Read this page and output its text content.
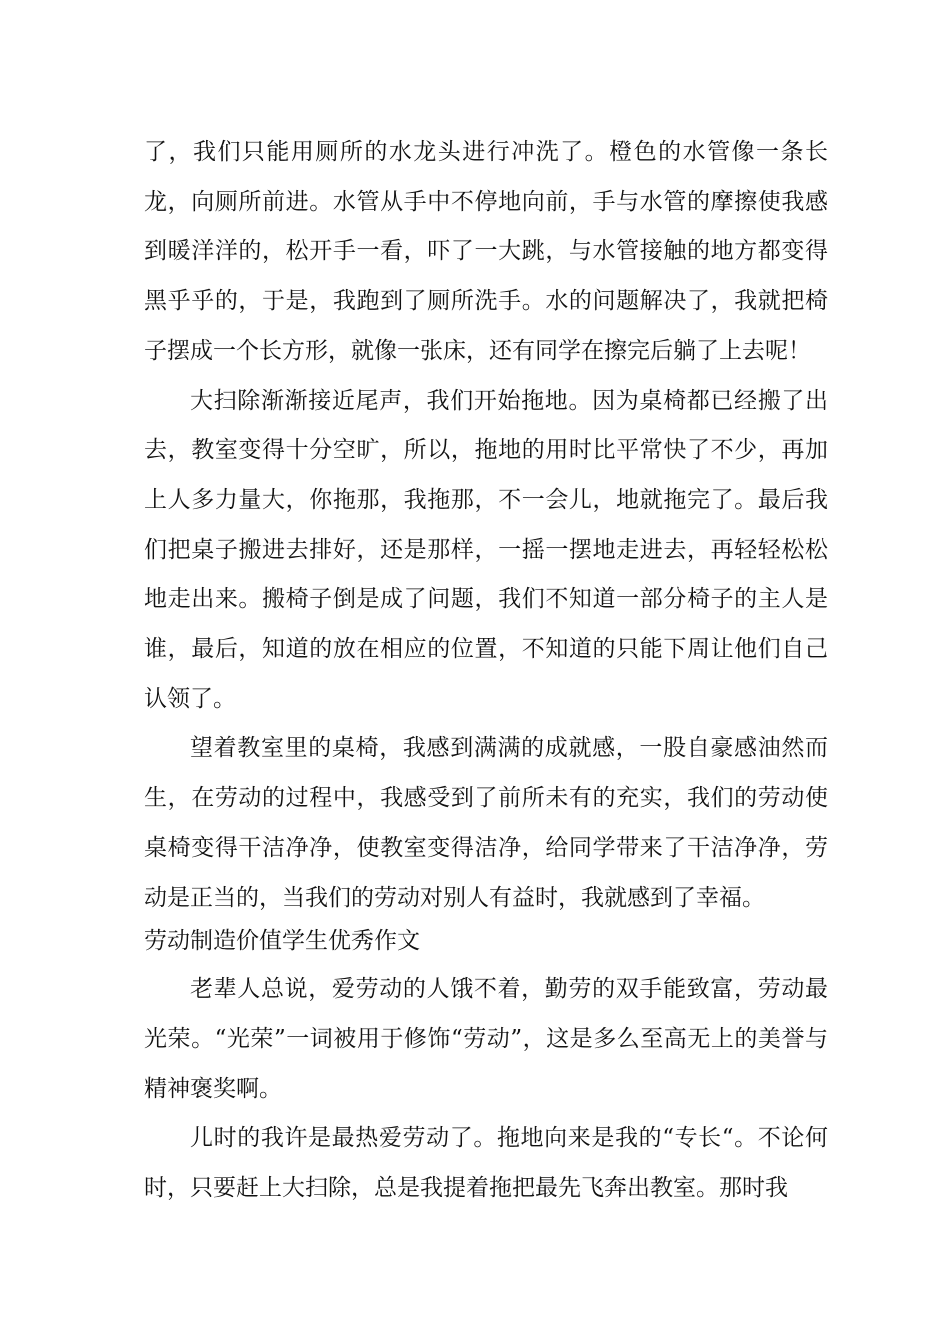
了，我们只能用厕所的水龙头进行冲洗了。橙色的水管像一条长龙，向厕所前进。水管从手中不停地向前，手与水管的摩擦使我感到暖洋洋的，松开手一看，吓了一大跳，与水管接触的地方都变得黑乎乎的，于是，我跑到了厕所洗手。水的问题解决了，我就把椅子摆成一个长方形，就像一张床，还有同学在擦完后躺了上去呢！

大扫除渐渐接近尾声，我们开始拖地。因为桌椅都已经搬了出去，教室变得十分空旷，所以，拖地的用时比平常快了不少，再加上人多力量大，你拖那，我拖那，不一会儿，地就拖完了。最后我们把桌子搬进去排好，还是那样，一摇一摆地走进去，再轻轻松松地走出来。搬椅子倒是成了问题，我们不知道一部分椅子的主人是谁，最后，知道的放在相应的位置，不知道的只能下周让他们自己认领了。

望着教室里的桌椅，我感到满满的成就感，一股自豪感油然而生，在劳动的过程中，我感受到了前所未有的充实，我们的劳动使桌椅变得干洁净净，使教室变得洁净，给同学带来了干洁净净，劳动是正当的，当我们的劳动对别人有益时，我就感到了幸福。

劳动制造价值学生优秀作文

老辈人总说，爱劳动的人饿不着，勤劳的双手能致富，劳动最光荣。“光荣”一词被用于修饰“劳动”，这是多么至高无上的美誉与精神褒奖啊。

儿时的我许是最热爱劳动了。拖地向来是我的“专长“。不论何时，只要赶上大扫除，总是我提着拖把最先飞奔出教室。那时我
